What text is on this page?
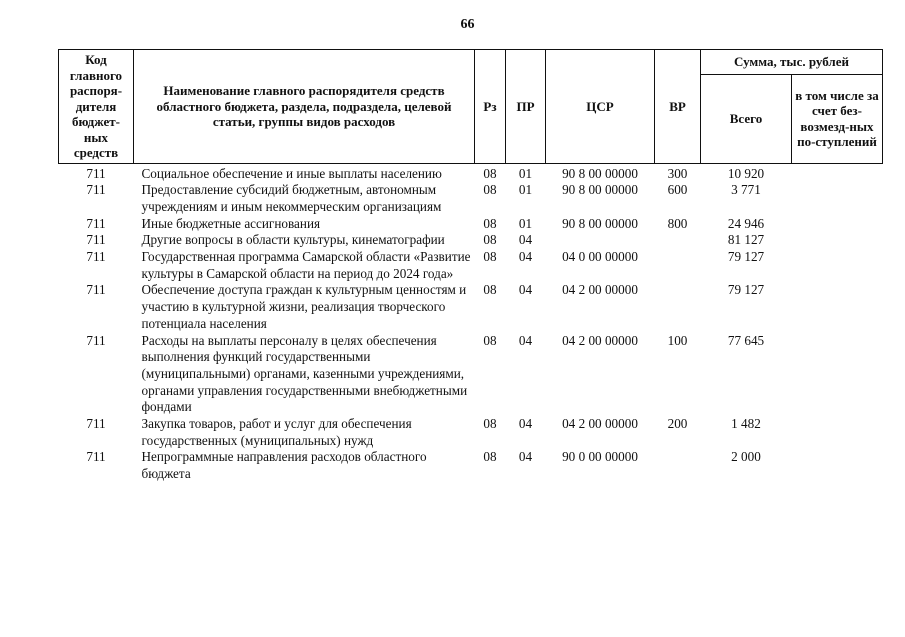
66
Код главного распоря-дителя бюджет-ных средств	Наименование главного распорядителя средств областного бюджета, раздела, подраздела, целевой статьи, группы видов расходов	Рз	ПР	ЦСР	ВР	Сумма, тыс. рублей	
						Всего	в том числе за счет без-возмезд-ных по-ступлений
711	Социальное обеспечение и иные выплаты населению	08	01	90 8 00 00000	300	10 920	
711	Предоставление субсидий бюджетным, автономным учреждениям и иным некоммерческим организациям	08	01	90 8 00 00000	600	3 771	
711	Иные бюджетные ассигнования	08	01	90 8 00 00000	800	24 946	
711	Другие вопросы в области культуры, кинематографии	08	04			81 127	
711	Государственная программа Самарской области «Развитие культуры в Самарской области на период до 2024 года»	08	04	04 0 00 00000		79 127	
711	Обеспечение доступа граждан к культурным ценностям и участию в культурной жизни, реализация творческого потенциала населения	08	04	04 2 00 00000		79 127	
711	Расходы на выплаты персоналу в целях обеспечения выполнения функций государственными (муниципальными) органами, казенными учреждениями, органами управления государственными внебюджетными фондами	08	04	04 2 00 00000	100	77 645	
711	Закупка товаров, работ и услуг для обеспечения государственных (муниципальных) нужд	08	04	04 2 00 00000	200	1 482	
711	Непрограммные направления расходов областного бюджета	08	04	90 0 00 00000		2 000	
